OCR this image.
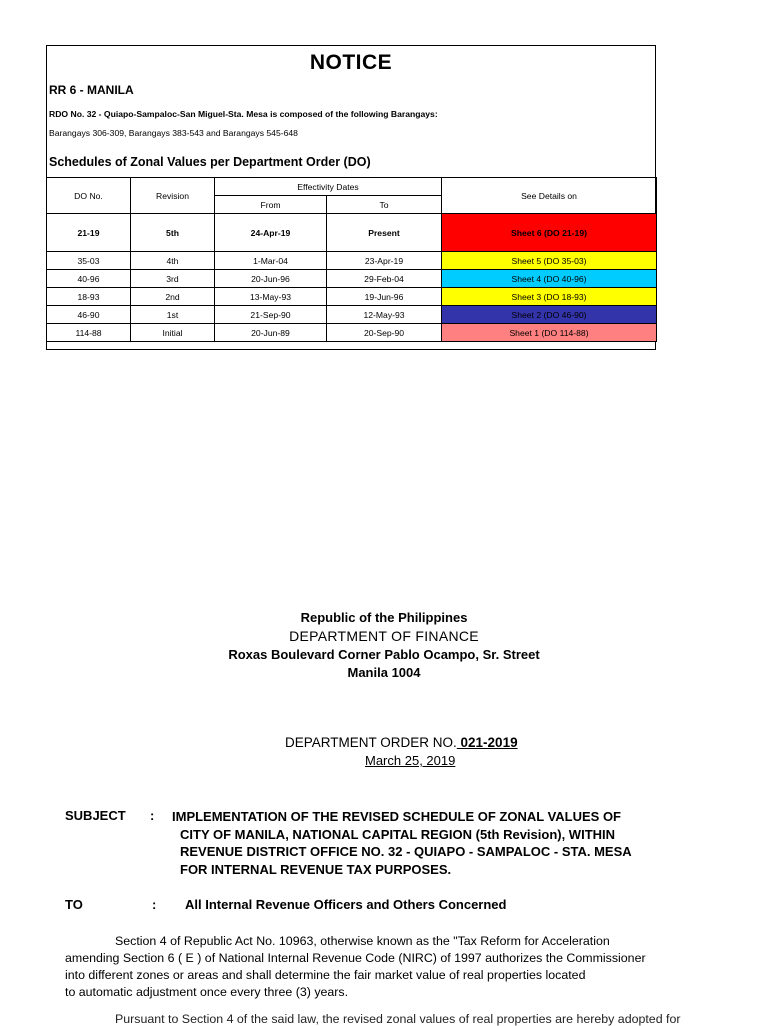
NOTICE
RR 6 - MANILA
RDO No. 32 - Quiapo-Sampaloc-San Miguel-Sta. Mesa is composed of the following Barangays:
Barangays 306-309, Barangays 383-543 and Barangays 545-648
Schedules of Zonal Values per Department Order (DO)
DO No.	Revision	Effectivity Dates		See Details on
		From	To	
21-19	5th	24-Apr-19	Present	Sheet 6 (DO 21-19)
35-03	4th	1-Mar-04	23-Apr-19	Sheet 5 (DO 35-03)
40-96	3rd	20-Jun-96	29-Feb-04	Sheet 4 (DO 40-96)
18-93	2nd	13-May-93	19-Jun-96	Sheet 3 (DO 18-93)
46-90	1st	21-Sep-90	12-May-93	Sheet 2 (DO 46-90)
114-88	Initial	20-Jun-89	20-Sep-90	Sheet 1 (DO 114-88)
Republic of the Philippines
DEPARTMENT OF FINANCE
Roxas Boulevard Corner Pablo Ocampo, Sr. Street
Manila 1004
DEPARTMENT ORDER NO. 021-2019
March 25, 2019
SUBJECT : IMPLEMENTATION OF THE REVISED SCHEDULE OF ZONAL VALUES OF
CITY OF MANILA, NATIONAL CAPITAL REGION (5th Revision), WITHIN
REVENUE DISTRICT OFFICE NO. 32 - QUIAPO - SAMPALOC - STA. MESA
FOR INTERNAL REVENUE TAX PURPOSES.
TO	: All Internal Revenue Officers and Others Concerned
Section 4 of Republic Act No. 10963, otherwise known as the "Tax Reform for Acceleration
amending Section 6 ( E ) of National Internal Revenue Code (NIRC) of 1997 authorizes the Commissioner
into different zones or areas and shall determine the fair market value of real properties located
to automatic adjustment once every three (3) years.
Pursuant to Section 4 of the said law, the revised zonal values of real properties are hereby adopted for
